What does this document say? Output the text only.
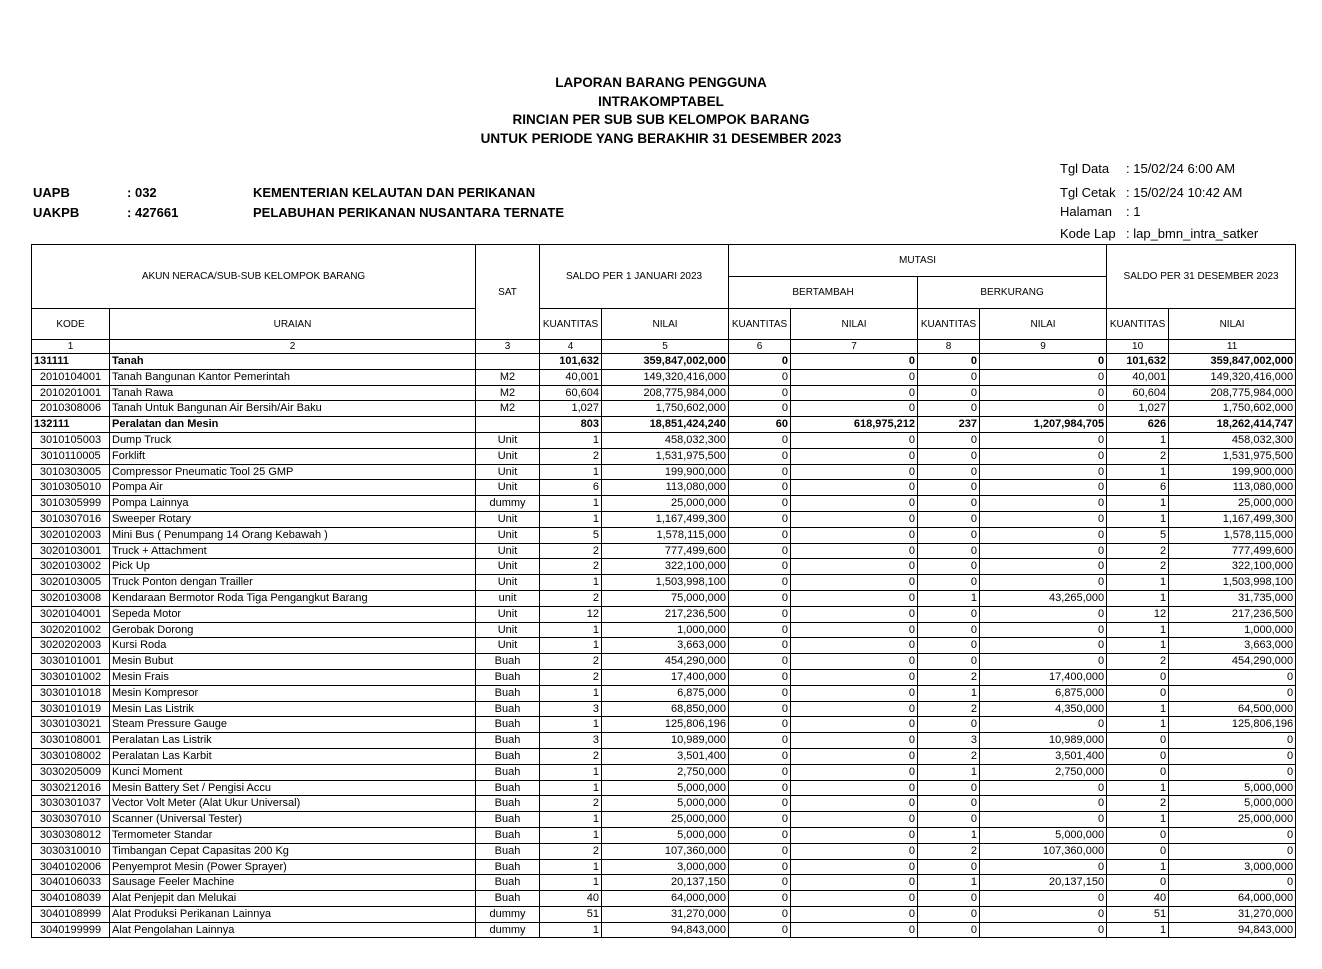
LAPORAN BARANG PENGGUNA
INTRAKOMPTABEL
RINCIAN PER SUB SUB KELOMPOK BARANG
UNTUK PERIODE YANG BERAKHIR 31 DESEMBER 2023
UAPB	: 032	KEMENTERIAN KELAUTAN DAN PERIKANAN
UAKPB	: 427661	PELABUHAN PERIKANAN NUSANTARA TERNATE
Tgl Data : 15/02/24 6:00 AM
Tgl Cetak : 15/02/24 10:42 AM
Halaman : 1
Kode Lap : lap_bmn_intra_satker
AKUN NERACA/SUB-SUB KELOMPOK BARANG		SAT	SALDO PER 1 JANUARI 2023		MUTASI				SALDO PER 31 DESEMBER 2023	
					BERTAMBAH		BERKURANG			
KODE	URAIAN		KUANTITAS	NILAI	KUANTITAS	NILAI	KUANTITAS	NILAI	KUANTITAS	NILAI
1	2	3	4	5	6	7	8	9	10	11
131111	Tanah		101,632	359,847,002,000	0	0	0	0	101,632	359,847,002,000
2010104001	Tanah Bangunan Kantor Pemerintah	M2	40,001	149,320,416,000	0	0	0	0	40,001	149,320,416,000
2010201001	Tanah Rawa	M2	60,604	208,775,984,000	0	0	0	0	60,604	208,775,984,000
2010308006	Tanah Untuk Bangunan Air Bersih/Air Baku	M2	1,027	1,750,602,000	0	0	0	0	1,027	1,750,602,000
132111	Peralatan dan Mesin		803	18,851,424,240	60	618,975,212	237	1,207,984,705	626	18,262,414,747
3010105003	Dump Truck	Unit	1	458,032,300	0	0	0	0	1	458,032,300
3010110005	Forklift	Unit	2	1,531,975,500	0	0	0	0	2	1,531,975,500
3010303005	Compressor Pneumatic Tool 25 GMP	Unit	1	199,900,000	0	0	0	0	1	199,900,000
3010305010	Pompa Air	Unit	6	113,080,000	0	0	0	0	6	113,080,000
3010305999	Pompa Lainnya	dummy	1	25,000,000	0	0	0	0	1	25,000,000
3010307016	Sweeper Rotary	Unit	1	1,167,499,300	0	0	0	0	1	1,167,499,300
3020102003	Mini Bus ( Penumpang 14 Orang Kebawah )	Unit	5	1,578,115,000	0	0	0	0	5	1,578,115,000
3020103001	Truck + Attachment	Unit	2	777,499,600	0	0	0	0	2	777,499,600
3020103002	Pick Up	Unit	2	322,100,000	0	0	0	0	2	322,100,000
3020103005	Truck Ponton dengan Trailler	Unit	1	1,503,998,100	0	0	0	0	1	1,503,998,100
3020103008	Kendaraan Bermotor Roda Tiga Pengangkut Barang	unit	2	75,000,000	0	0	1	43,265,000	1	31,735,000
3020104001	Sepeda Motor	Unit	12	217,236,500	0	0	0	0	12	217,236,500
3020201002	Gerobak Dorong	Unit	1	1,000,000	0	0	0	0	1	1,000,000
3020202003	Kursi Roda	Unit	1	3,663,000	0	0	0	0	1	3,663,000
3030101001	Mesin Bubut	Buah	2	454,290,000	0	0	0	0	2	454,290,000
3030101002	Mesin Frais	Buah	2	17,400,000	0	0	2	17,400,000	0	0
3030101018	Mesin Kompresor	Buah	1	6,875,000	0	0	1	6,875,000	0	0
3030101019	Mesin Las Listrik	Buah	3	68,850,000	0	0	2	4,350,000	1	64,500,000
3030103021	Steam Pressure Gauge	Buah	1	125,806,196	0	0	0	0	1	125,806,196
3030108001	Peralatan Las Listrik	Buah	3	10,989,000	0	0	3	10,989,000	0	0
3030108002	Peralatan Las Karbit	Buah	2	3,501,400	0	0	2	3,501,400	0	0
3030205009	Kunci Moment	Buah	1	2,750,000	0	0	1	2,750,000	0	0
3030212016	Mesin Battery Set / Pengisi Accu	Buah	1	5,000,000	0	0	0	0	1	5,000,000
3030301037	Vector Volt Meter (Alat Ukur Universal)	Buah	2	5,000,000	0	0	0	0	2	5,000,000
3030307010	Scanner (Universal Tester)	Buah	1	25,000,000	0	0	0	0	1	25,000,000
3030308012	Termometer Standar	Buah	1	5,000,000	0	0	1	5,000,000	0	0
3030310010	Timbangan Cepat Capasitas 200 Kg	Buah	2	107,360,000	0	0	2	107,360,000	0	0
3040102006	Penyemprot Mesin (Power Sprayer)	Buah	1	3,000,000	0	0	0	0	1	3,000,000
3040106033	Sausage Feeler Machine	Buah	1	20,137,150	0	0	1	20,137,150	0	0
3040108039	Alat Penjepit dan Melukai	Buah	40	64,000,000	0	0	0	0	40	64,000,000
3040108999	Alat Produksi Perikanan Lainnya	dummy	51	31,270,000	0	0	0	0	51	31,270,000
3040199999	Alat Pengolahan Lainnya	dummy	1	94,843,000	0	0	0	0	1	94,843,000
